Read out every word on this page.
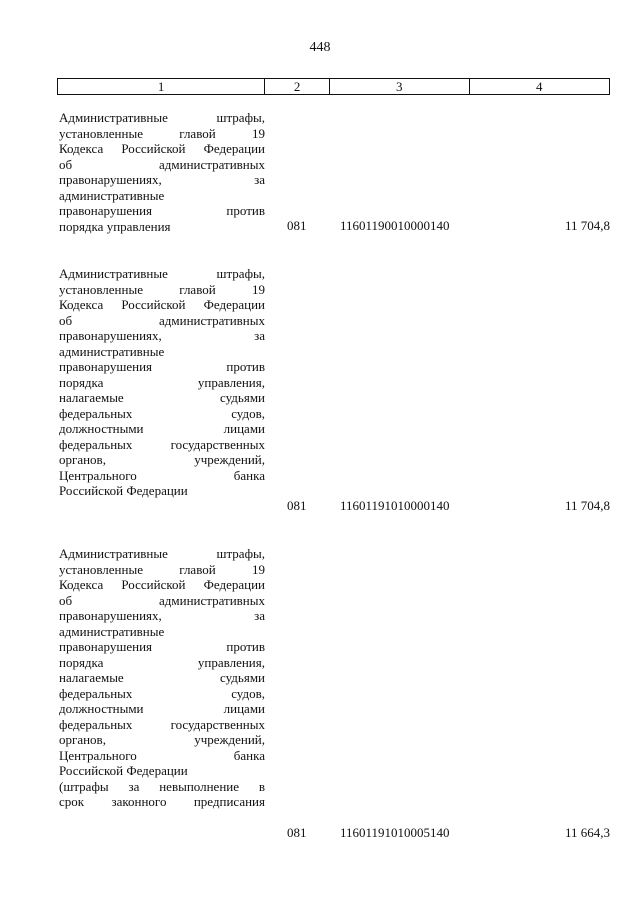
448
1	2	3	4
Административные штрафы,
установленные главой 19
Кодекса Российской Федерации
об административных
правонарушениях, за
административные
правонарушения против
порядка управления	081	11601190010000140	11 704,8
Административные штрафы,
установленные главой 19
Кодекса Российской Федерации
об административных
правонарушениях, за
административные
правонарушения против
порядка управления,
налагаемые судьями
федеральных судов,
должностными лицами
федеральных государственных
органов, учреждений,
Центрального банка
Российской Федерации
081	11601191010000140	11 704,8
Административные штрафы,
установленные главой 19
Кодекса Российской Федерации
об административных
правонарушениях, за
административные
правонарушения против
порядка управления,
налагаемые судьями
федеральных судов,
должностными лицами
федеральных государственных
органов, учреждений,
Центрального банка
Российской Федерации
(штрафы за невыполнение в
срок законного предписания
081	11601191010005140	11 664,3
